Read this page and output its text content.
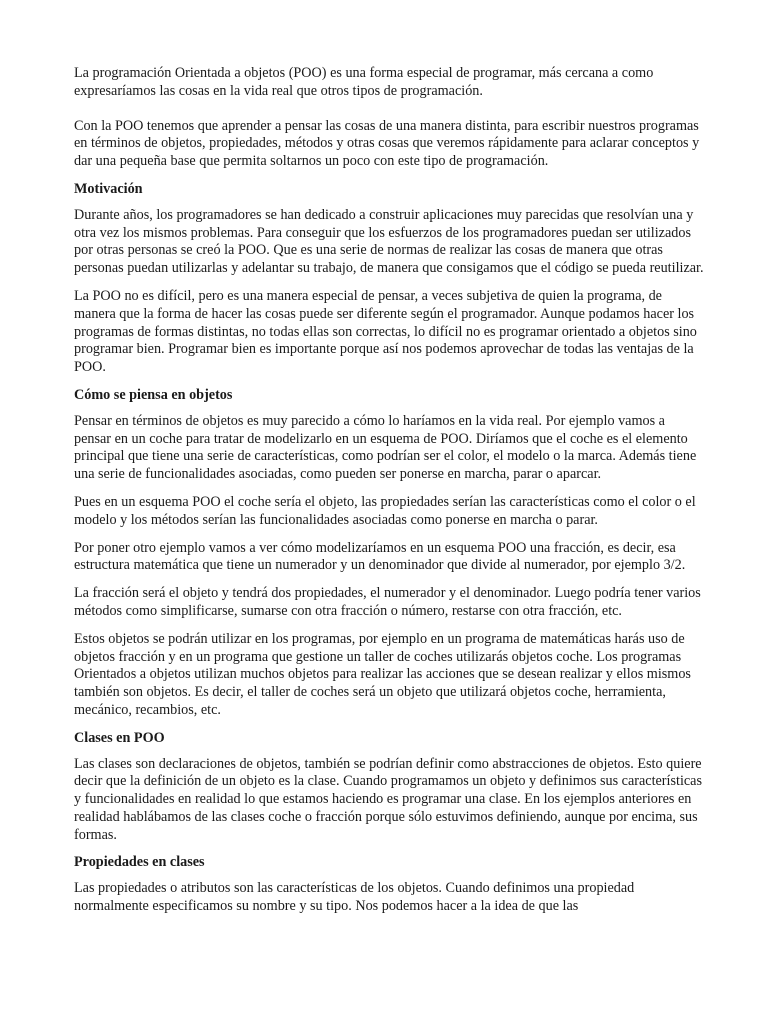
La programación Orientada a objetos (POO) es una forma especial de programar, más cercana a como expresaríamos las cosas en la vida real que otros tipos de programación.

Con la POO tenemos que aprender a pensar las cosas de una manera distinta, para escribir nuestros programas en términos de objetos, propiedades, métodos y otras cosas que veremos rápidamente para aclarar conceptos y dar una pequeña base que permita soltarnos un poco con este tipo de programación.

Motivación

Durante años, los programadores se han dedicado a construir aplicaciones muy parecidas que resolvían una y otra vez los mismos problemas. Para conseguir que los esfuerzos de los programadores puedan ser utilizados por otras personas se creó la POO. Que es una serie de normas de realizar las cosas de manera que otras personas puedan utilizarlas y adelantar su trabajo, de manera que consigamos que el código se pueda reutilizar.

La POO no es difícil, pero es una manera especial de pensar, a veces subjetiva de quien la programa, de manera que la forma de hacer las cosas puede ser diferente según el programador. Aunque podamos hacer los programas de formas distintas, no todas ellas son correctas, lo difícil no es programar orientado a objetos sino programar bien. Programar bien es importante porque así nos podemos aprovechar de todas las ventajas de la POO.

Cómo se piensa en objetos

Pensar en términos de objetos es muy parecido a cómo lo haríamos en la vida real. Por ejemplo vamos a pensar en un coche para tratar de modelizarlo en un esquema de POO. Diríamos que el coche es el elemento principal que tiene una serie de características, como podrían ser el color, el modelo o la marca. Además tiene una serie de funcionalidades asociadas, como pueden ser ponerse en marcha, parar o aparcar.

Pues en un esquema POO el coche sería el objeto, las propiedades serían las características como el color o el modelo y los métodos serían las funcionalidades asociadas como ponerse en marcha o parar.

Por poner otro ejemplo vamos a ver cómo modelizaríamos en un esquema POO una fracción, es decir, esa estructura matemática que tiene un numerador y un denominador que divide al numerador, por ejemplo 3/2.

La fracción será el objeto y tendrá dos propiedades, el numerador y el denominador. Luego podría tener varios métodos como simplificarse, sumarse con otra fracción o número, restarse con otra fracción, etc.

Estos objetos se podrán utilizar en los programas, por ejemplo en un programa de matemáticas harás uso de objetos fracción y en un programa que gestione un taller de coches utilizarás objetos coche. Los programas Orientados a objetos utilizan muchos objetos para realizar las acciones que se desean realizar y ellos mismos también son objetos. Es decir, el taller de coches será un objeto que utilizará objetos coche, herramienta, mecánico, recambios, etc.

Clases en POO

Las clases son declaraciones de objetos, también se podrían definir como abstracciones de objetos. Esto quiere decir que la definición de un objeto es la clase. Cuando programamos un objeto y definimos sus características y funcionalidades en realidad lo que estamos haciendo es programar una clase. En los ejemplos anteriores en realidad hablábamos de las clases coche o fracción porque sólo estuvimos definiendo, aunque por encima, sus formas.

Propiedades en clases

Las propiedades o atributos son las características de los objetos. Cuando definimos una propiedad normalmente especificamos su nombre y su tipo. Nos podemos hacer a la idea de que las
